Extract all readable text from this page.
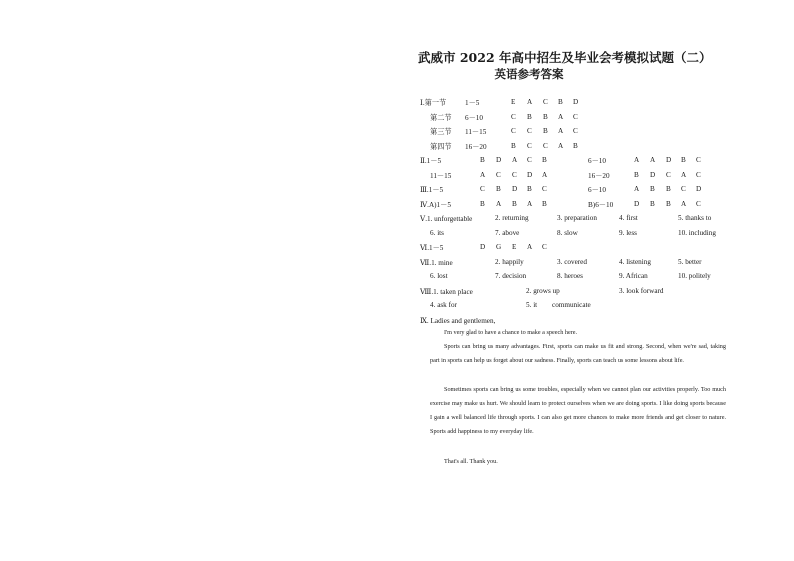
武威市 2022 年高中招生及毕业会考模拟试题（二）
英语参考答案
Ⅰ.第一节	1－5	E A C B D
第二节 6－10	C B B A C
第三节 11－15	C C B A C
第四节 16－20	B C C A B
Ⅱ.1－5	B D A C B	6－10	A A D B C
11－15	A C C D A	16－20	B D C A C
Ⅲ.1－5	C B D B C	6－10	A B B C D
Ⅳ.A)1－5	B A B A B	B)6－10	D B B A C
Ⅴ.1. unforgettable	2. returning	3. preparation	4. first	5. thanks to
6. its	7. above	8. slow	9. less	10. including
Ⅵ.1－5	D G E A C
Ⅶ.1. mine	2. happily	3. covered	4. listening	5. better
6. lost	7. decision	8. heroes	9. African	10. politely
Ⅷ.1. taken place	2. grows up	3. look forward
4. ask for	5. it communicate
Ⅸ. Ladies and gentlemen,
I'm very glad to have a chance to make a speech here.
Sports can bring us many advantages. First, sports can make us fit and strong. Second, when we're sad, taking part in sports can help us forget about our sadness. Finally, sports can teach us some lessons about life.
Sometimes sports can bring us some troubles, especially when we cannot plan our activities properly. Too much exercise may make us hurt. We should learn to protect ourselves when we are doing sports. I like doing sports because I gain a well balanced life through sports. I can also get more chances to make more friends and get closer to nature. Sports add happiness to my everyday life.
That's all. Thank you.
